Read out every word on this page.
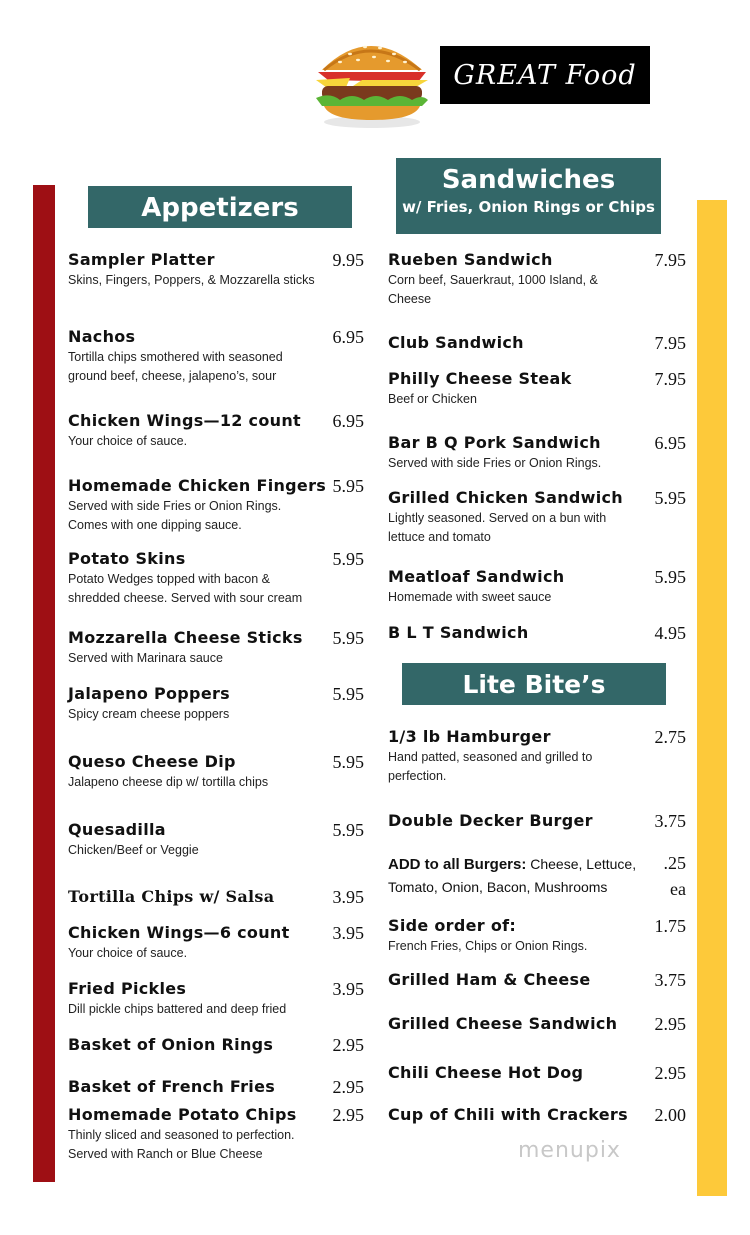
GREAT Food
Appetizers
Sandwiches
w/ Fries, Onion Rings or Chips
Lite Bite’s
Sampler Platter
Skins, Fingers, Poppers, & Mozzarella sticks
9.95
Nachos
Tortilla chips smothered with seasoned ground beef, cheese, jalapeno’s, sour
6.95
Chicken Wings—12 count
Your choice of sauce.
6.95
Homemade Chicken Fingers
Served with side Fries or Onion Rings. Comes with one dipping sauce.
5.95
Potato Skins
Potato Wedges topped with bacon & shredded cheese. Served with sour cream
5.95
Mozzarella Cheese Sticks
Served with Marinara sauce
5.95
Jalapeno Poppers
Spicy cream cheese poppers
5.95
Queso Cheese Dip
Jalapeno cheese dip w/ tortilla chips
5.95
Quesadilla
Chicken/Beef or Veggie
5.95
Tortilla Chips w/ Salsa	3.95
Chicken Wings—6 count
Your choice of sauce.
3.95
Fried Pickles
Dill pickle chips battered and deep fried
3.95
Basket of Onion Rings	2.95
Basket of French Fries	2.95
Homemade Potato Chips
Thinly sliced and seasoned to perfection. Served with Ranch or Blue Cheese
2.95
Rueben Sandwich
Corn beef, Sauerkraut, 1000 Island, & Cheese
7.95
Club Sandwich	7.95
Philly Cheese Steak
Beef or Chicken
7.95
Bar B Q Pork Sandwich
Served with side Fries or Onion Rings.
6.95
Grilled Chicken Sandwich
Lightly seasoned. Served on a bun with lettuce and tomato
5.95
Meatloaf Sandwich
Homemade with sweet sauce
5.95
B L T Sandwich	4.95
1/3 lb Hamburger
Hand patted, seasoned and grilled to perfection.
2.75
Double Decker Burger	3.75
ADD to all Burgers: Cheese, Lettuce,
Tomato, Onion, Bacon, Mushrooms
.25
ea
Side order of:
French Fries, Chips or Onion Rings.
1.75
Grilled Ham & Cheese	3.75
Grilled Cheese Sandwich	2.95
Chili Cheese Hot Dog	2.95
Cup of Chili with Crackers	2.00
menupix
